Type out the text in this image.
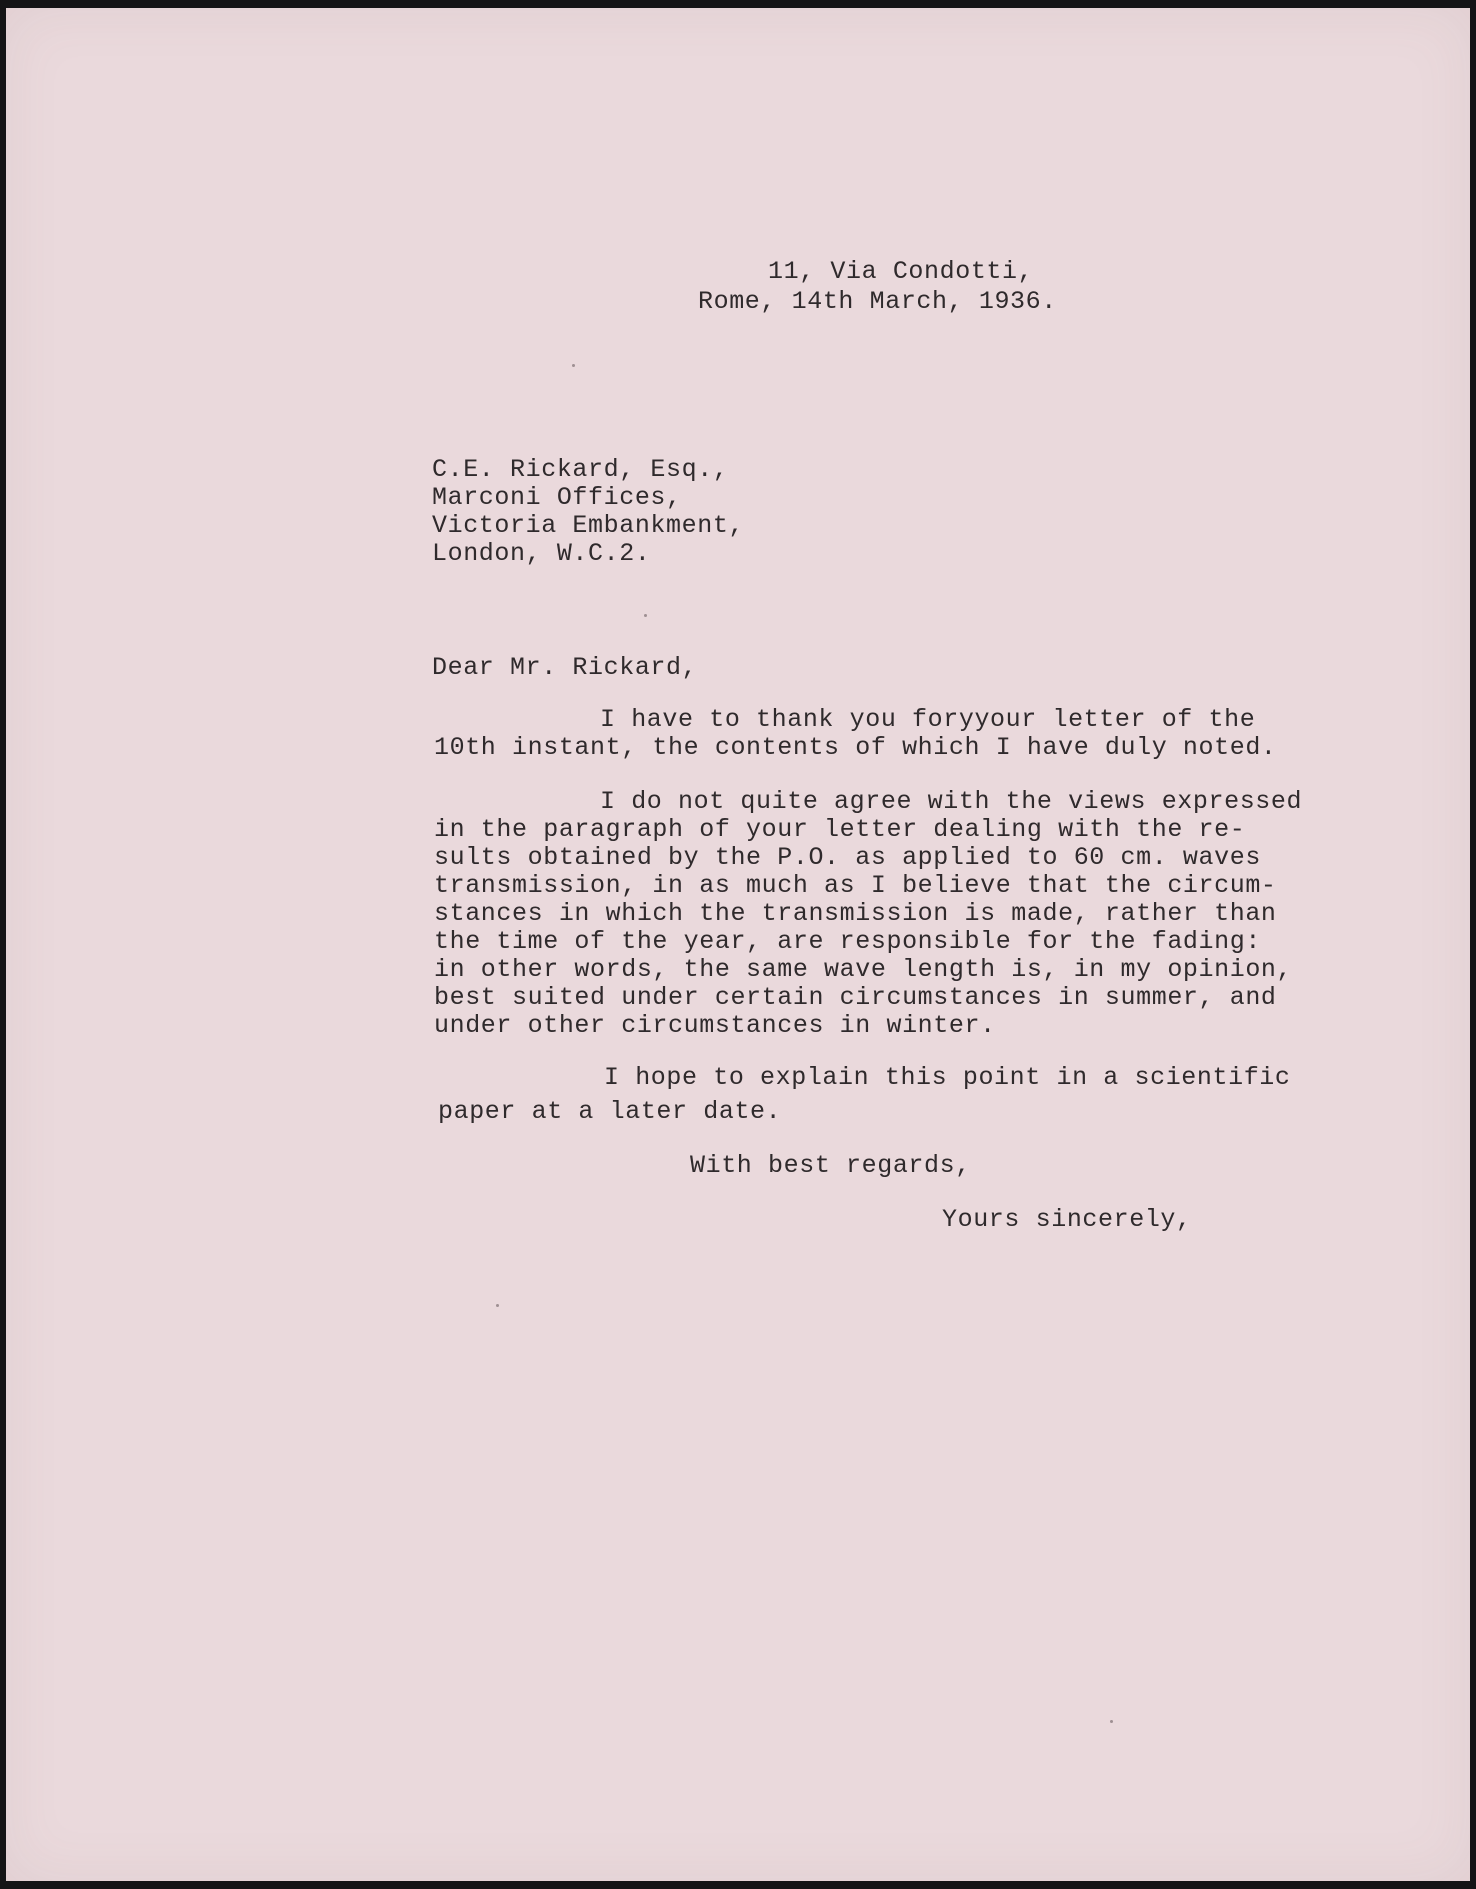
11, Via Condotti,

Rome, 14th March, 1936.

C.E. Rickard, Esq.,

Marconi Offices,

Victoria Embankment,

London, W.C.2.

Dear Mr. Rickard,

I have to thank you foryyour letter of the

10th instant, the contents of which I have duly noted.

I do not quite agree with the views expressed

in the paragraph of your letter dealing with the re-

sults obtained by the P.O. as applied to 60 cm. waves

transmission, in as much as I believe that the circum-

stances in which the transmission is made, rather than

the time of the year, are responsible for the fading:

in other words, the same wave length is, in my opinion,

best suited under certain circumstances in summer, and

under other circumstances in winter.

I hope to explain this point in a scientific

paper at a later date.

With best regards,

Yours sincerely,
